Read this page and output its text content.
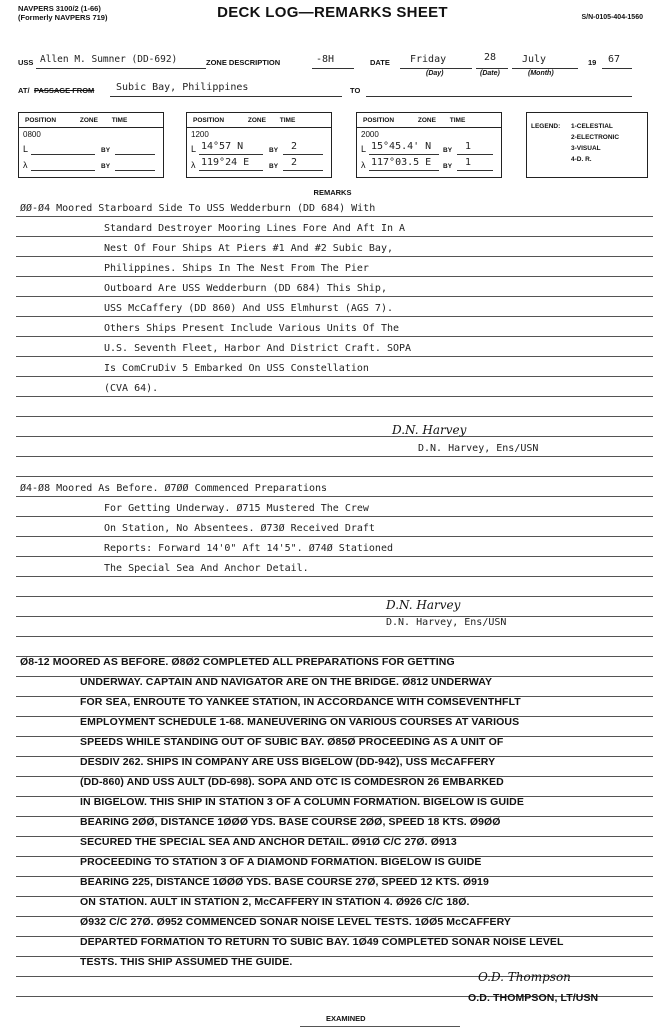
NAVPERS 3100/2 (1-66)
(Formerly NAVPERS 719)	DECK LOG—REMARKS SHEET	S/N-0105-404-1560
USS Allen M. Sumner (DD-692)	ZONE DESCRIPTION	-8H	DATE Friday	28	July	19 67
(Day)	(Date)	(Month)
AT/ PASSAGE FROM Subic Bay, Philippines	TO
POSITION	ZONE TIME
0800
L	BY
λ	BY
POSITION	ZONE TIME
1200
L 14°57 N	BY 2
λ 119°24 E	BY 2
POSITION	ZONE TIME
2000
L 15°45.4' N BY 1
λ 117°03.5 E BY 1
LEGEND: 1-CELESTIAL
2-ELECTRONIC
3-VISUAL
4-D. R.
REMARKS
ØØ-Ø4 Moored Starboard Side To USS Wedderburn (DD 684) With
Standard Destroyer Mooring Lines Fore And Aft In A
Nest Of Four Ships At Piers #1 And #2 Subic Bay,
Philippines. Ships In The Nest From The Pier
Outboard Are USS Wedderburn (DD 684) This Ship,
USS McCaffery (DD 860) And USS Elmhurst (AGS 7).
Others Ships Present Include Various Units Of The
U.S. Seventh Fleet, Harbor And District Craft. SOPA
Is ComCruDiv 5 Embarked On USS Constellation
(CVA 64).
D.N. Harvey
D.N. Harvey, Ens/USN
Ø4-Ø8 Moored As Before. Ø7ØØ Commenced Preparations
For Getting Underway. Ø715 Mustered The Crew
On Station, No Absentees. Ø73Ø Received Draft
Reports: Forward 14'0" Aft 14'5". Ø74Ø Stationed
The Special Sea And Anchor Detail.
D.N. Harvey
D.N. Harvey, Ens/USN
Ø8-12 MOORED AS BEFORE. Ø8Ø2 COMPLETED ALL PREPARATIONS FOR GETTING
UNDERWAY. CAPTAIN AND NAVIGATOR ARE ON THE BRIDGE. Ø812 UNDERWAY
FOR SEA, ENROUTE TO YANKEE STATION, IN ACCORDANCE WITH COMSEVENTHFLT
EMPLOYMENT SCHEDULE 1-68. MANEUVERING ON VARIOUS COURSES AT VARIOUS
SPEEDS WHILE STANDING OUT OF SUBIC BAY. Ø85Ø PROCEEDING AS A UNIT OF
DESDIV 262. SHIPS IN COMPANY ARE USS BIGELOW (DD-942), USS McCAFFERY
(DD-860) AND USS AULT (DD-698). SOPA AND OTC IS COMDESRON 26 EMBARKED
IN BIGELOW. THIS SHIP IN STATION 3 OF A COLUMN FORMATION. BIGELOW IS GUIDE
BEARING 2ØØ, DISTANCE 1ØØØ YDS. BASE COURSE 2ØØ, SPEED 18 KTS. Ø9ØØ
SECURED THE SPECIAL SEA AND ANCHOR DETAIL. Ø91Ø C/C 27Ø. Ø913
PROCEEDING TO STATION 3 OF A DIAMOND FORMATION. BIGELOW IS GUIDE
BEARING 225, DISTANCE 1ØØØ YDS. BASE COURSE 27Ø, SPEED 12 KTS. Ø919
ON STATION. AULT IN STATION 2, McCAFFERY IN STATION 4. Ø926 C/C 18Ø.
Ø932 C/C 27Ø. Ø952 COMMENCED SONAR NOISE LEVEL TESTS. 1ØØ5 McCAFFERY
DEPARTED FORMATION TO RETURN TO SUBIC BAY. 1Ø49 COMPLETED SONAR NOISE LEVEL
TESTS. THIS SHIP ASSUMED THE GUIDE.
O.D. Thompson
O.D. THOMPSON, LT/USN
EXAMINED
